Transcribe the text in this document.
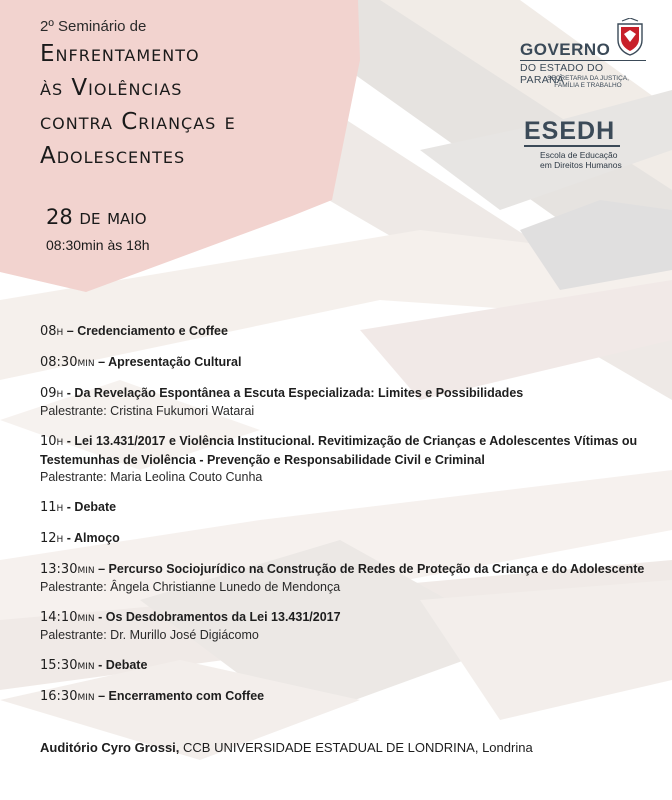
2º Seminário de

Enfrentamento

às Violências

contra Crianças e

Adolescentes

28 de maio
08:30min às 18h
GOVERNO
DO ESTADO DO PARANÁ
SECRETARIA DA JUSTIÇA,
FAMÍLIA E TRABALHO
ESEDH
Escola de Educação
em Direitos Humanos
08h – Credenciamento e Coffee
08:30min – Apresentação Cultural
09h - Da Revelação Espontânea a Escuta Especializada: Limites e Possibilidades
Palestrante: Cristina Fukumori Watarai
10h - Lei 13.431/2017 e Violência Institucional. Revitimização de Crianças e Adolescentes Vítimas ou Testemunhas de Violência - Prevenção e Responsabilidade Civil e Criminal
Palestrante: Maria Leolina Couto Cunha
11h - Debate
12h - Almoço
13:30min – Percurso Sociojurídico na Construção de Redes de Proteção da Criança e do Adolescente
Palestrante: Ângela Christianne Lunedo de Mendonça
14:10min - Os Desdobramentos da Lei 13.431/2017
Palestrante: Dr. Murillo José Digiácomo
15:30min - Debate
16:30min – Encerramento com Coffee
Auditório Cyro Grossi, CCB UNIVERSIDADE ESTADUAL DE LONDRINA, Londrina
